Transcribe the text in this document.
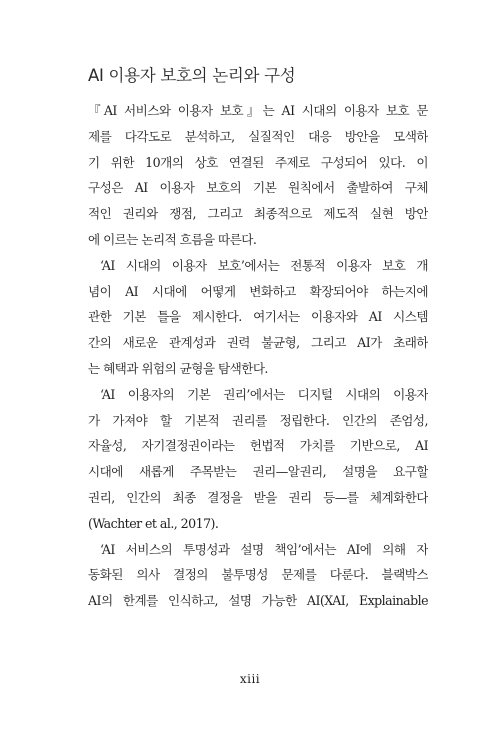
AI 이용자 보호의 논리와 구성
『AI 서비스와 이용자 보호』는 AI 시대의 이용자 보호 문
제를 다각도로 분석하고, 실질적인 대응 방안을 모색하
기 위한 10개의 상호 연결된 주제로 구성되어 있다. 이
구성은 AI 이용자 보호의 기본 원칙에서 출발하여 구체
적인 권리와 쟁점, 그리고 최종적으로 제도적 실현 방안
에 이르는 논리적 흐름을 따른다.
‘AI 시대의 이용자 보호’에서는 전통적 이용자 보호 개
념이 AI 시대에 어떻게 변화하고 확장되어야 하는지에
관한 기본 틀을 제시한다. 여기서는 이용자와 AI 시스템
간의 새로운 관계성과 권력 불균형, 그리고 AI가 초래하
는 혜택과 위험의 균형을 탐색한다.
‘AI 이용자의 기본 권리’에서는 디지털 시대의 이용자
가 가져야 할 기본적 권리를 정립한다. 인간의 존엄성,
자율성, 자기결정권이라는 헌법적 가치를 기반으로, AI
시대에 새롭게 주목받는 권리—알권리, 설명을 요구할
권리, 인간의 최종 결정을 받을 권리 등—를 체계화한다
(Wachter et al., 2017).
‘AI 서비스의 투명성과 설명 책임’에서는 AI에 의해 자
동화된 의사 결정의 불투명성 문제를 다룬다. 블랙박스
AI의 한계를 인식하고, 설명 가능한 AI(XAI, Explainable
xiii
